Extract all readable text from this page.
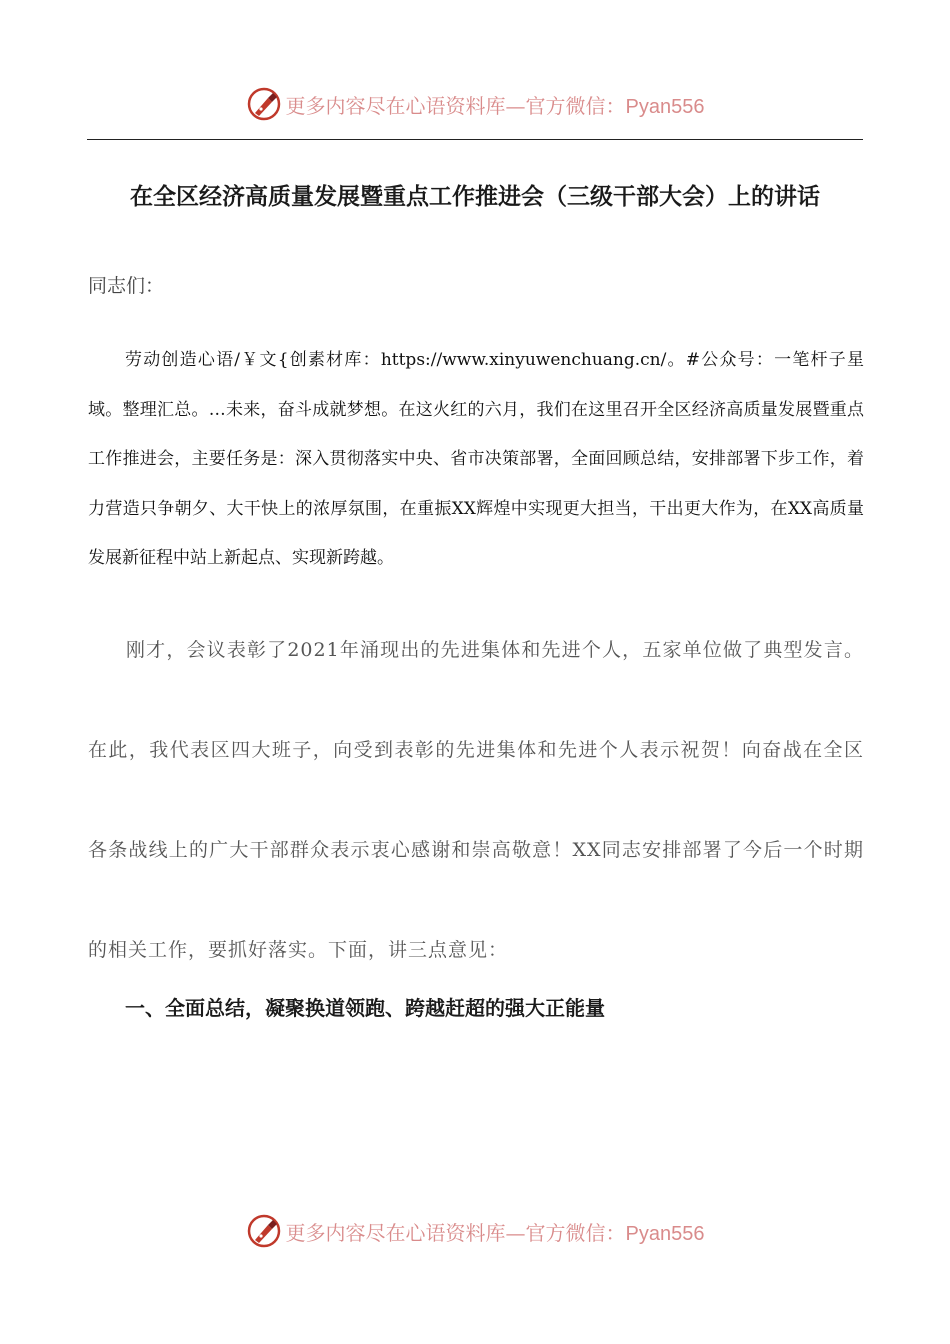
更多内容尽在心语资料库—官方微信：Pyan556
在全区经济高质量发展暨重点工作推进会（三级干部大会）上的讲话
同志们：
劳动创造心语/￥文{创素材库：https://www.xinyuwenchuang.cn/。#公众号：一笔杆子星域。整理汇总。…未来，奋斗成就梦想。在这火红的六月，我们在这里召开全区经济高质量发展暨重点工作推进会，主要任务是：深入贯彻落实中央、省市决策部署，全面回顾总结，安排部署下步工作，着力营造只争朝夕、大干快上的浓厚氛围，在重振XX辉煌中实现更大担当，干出更大作为，在XX高质量发展新征程中站上新起点、实现新跨越。
刚才，会议表彰了2021年涌现出的先进集体和先进个人，五家单位做了典型发言。在此，我代表区四大班子，向受到表彰的先进集体和先进个人表示祝贺！向奋战在全区各条战线上的广大干部群众表示衷心感谢和崇高敬意！XX同志安排部署了今后一个时期的相关工作，要抓好落实。下面，讲三点意见：
一、全面总结，凝聚换道领跑、跨越赶超的强大正能量
更多内容尽在心语资料库—官方微信：Pyan556
